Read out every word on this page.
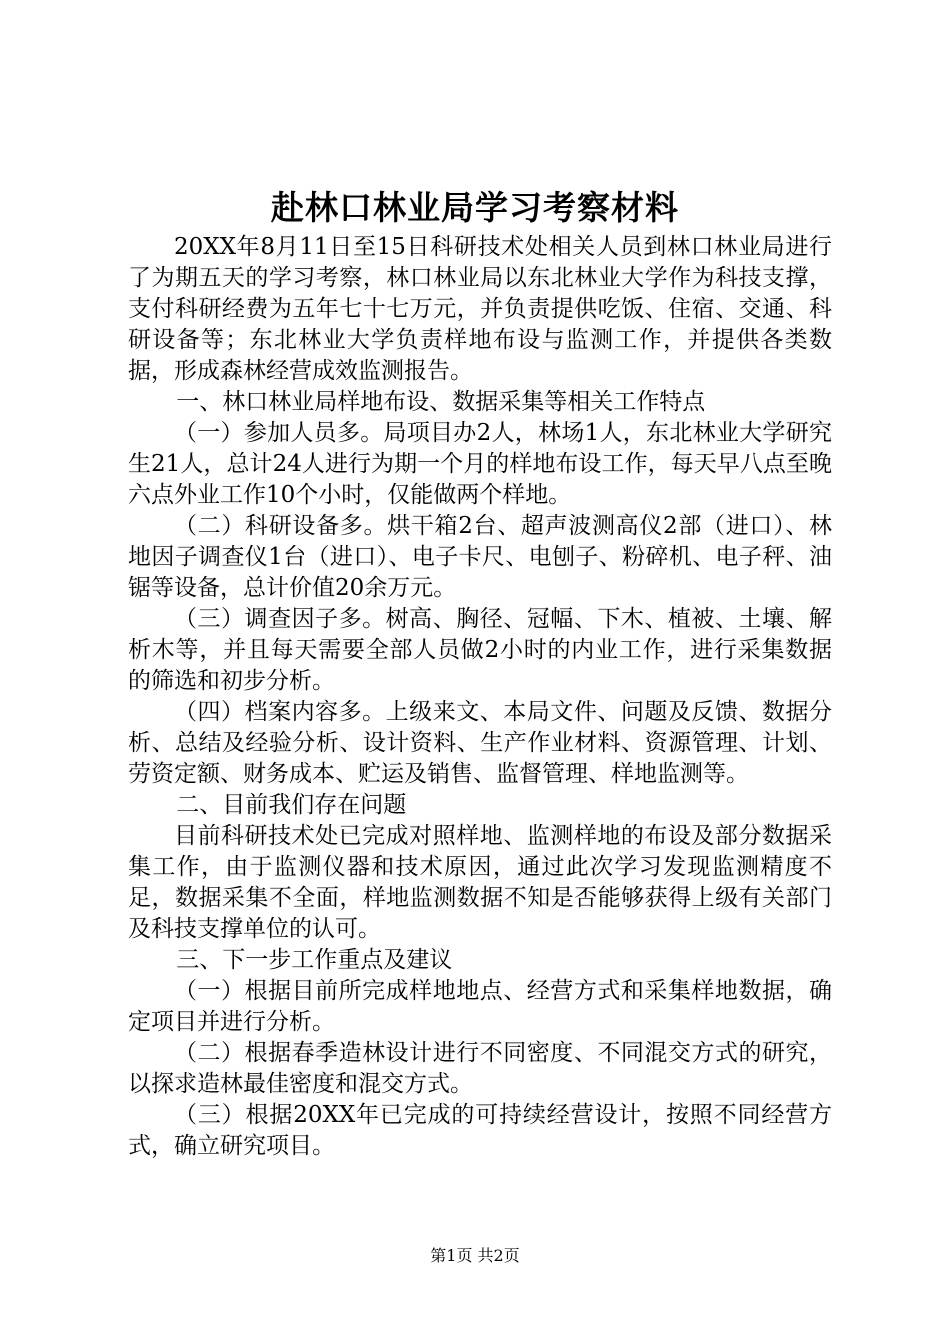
赴林口林业局学习考察材料

20XX年8月11日至15日科研技术处相关人员到林口林业局进行了为期五天的学习考察，林口林业局以东北林业大学作为科技支撑，支付科研经费为五年七十七万元，并负责提供吃饭、住宿、交通、科研设备等；东北林业大学负责样地布设与监测工作，并提供各类数据，形成森林经营成效监测报告。

一、林口林业局样地布设、数据采集等相关工作特点

（一）参加人员多。局项目办2人，林场1人，东北林业大学研究生21人，总计24人进行为期一个月的样地布设工作，每天早八点至晚六点外业工作10个小时，仅能做两个样地。

（二）科研设备多。烘干箱2台、超声波测高仪2部（进口）、林地因子调查仪1台（进口）、电子卡尺、电刨子、粉碎机、电子秤、油锯等设备，总计价值20余万元。

（三）调查因子多。树高、胸径、冠幅、下木、植被、土壤、解析木等，并且每天需要全部人员做2小时的内业工作，进行采集数据的筛选和初步分析。

（四）档案内容多。上级来文、本局文件、问题及反馈、数据分析、总结及经验分析、设计资料、生产作业材料、资源管理、计划、劳资定额、财务成本、贮运及销售、监督管理、样地监测等。

二、目前我们存在问题

目前科研技术处已完成对照样地、监测样地的布设及部分数据采集工作，由于监测仪器和技术原因，通过此次学习发现监测精度不足，数据采集不全面，样地监测数据不知是否能够获得上级有关部门及科技支撑单位的认可。

三、下一步工作重点及建议

（一）根据目前所完成样地地点、经营方式和采集样地数据，确定项目并进行分析。

（二）根据春季造林设计进行不同密度、不同混交方式的研究，以探求造林最佳密度和混交方式。

（三）根据20XX年已完成的可持续经营设计，按照不同经营方式，确立研究项目。

第1页 共2页
